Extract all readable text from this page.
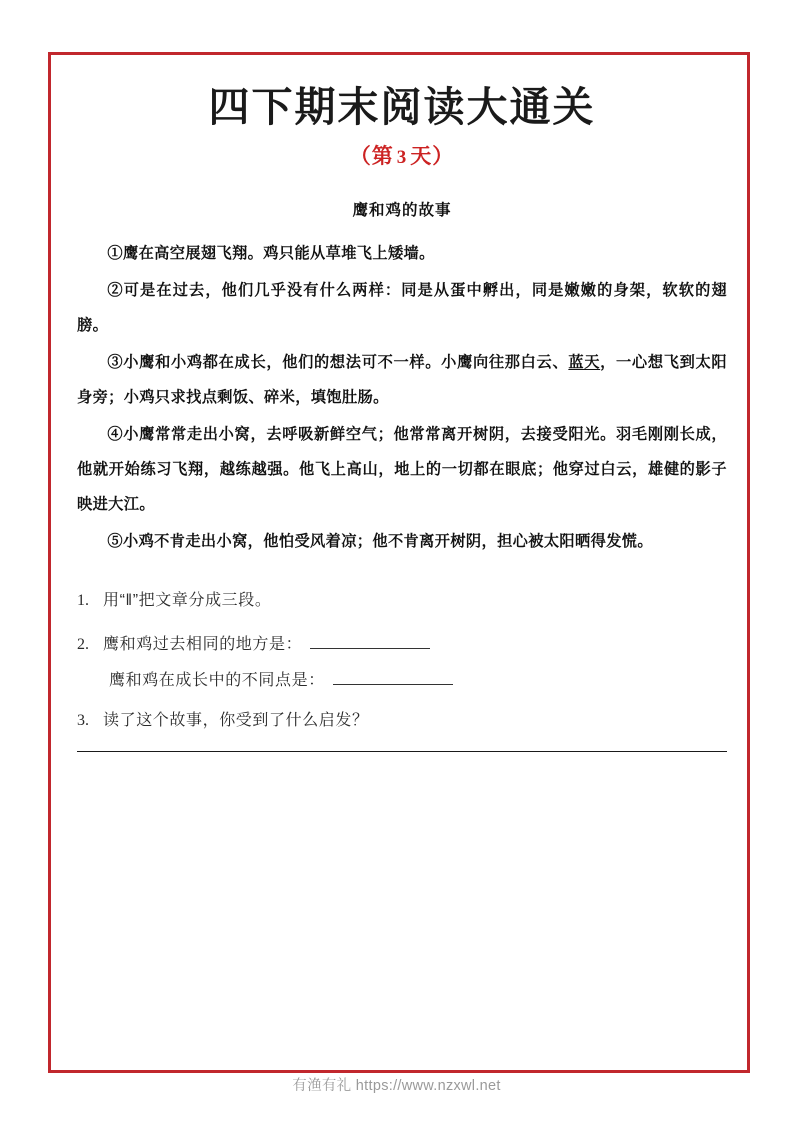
四下期末阅读大通关
（第 3 天）
鹰和鸡的故事

①鹰在高空展翅飞翔。鸡只能从草堆飞上矮墙。

②可是在过去，他们几乎没有什么两样：同是从蛋中孵出，同是嫩嫩的身架，软软的翅膀。

③小鹰和小鸡都在成长，他们的想法可不一样。小鹰向往那白云、蓝天，一心想飞到太阳身旁；小鸡只求找点剩饭、碎米，填饱肚肠。

④小鹰常常走出小窝，去呼吸新鲜空气；他常常离开树阴，去接受阳光。羽毛刚刚长成，他就开始练习飞翔，越练越强。他飞上高山，地上的一切都在眼底；他穿过白云，雄健的影子映进大江。

⑤小鸡不肯走出小窝，他怕受风着凉；他不肯离开树阴，担心被太阳晒得发慌。

1. 用“‖”把文章分成三段。
2. 鹰和鸡过去相同的地方是：
鹰和鸡在成长中的不同点是：
3. 读了这个故事，你受到了什么启发？
有渔有礼 https://www.nzxwl.net
